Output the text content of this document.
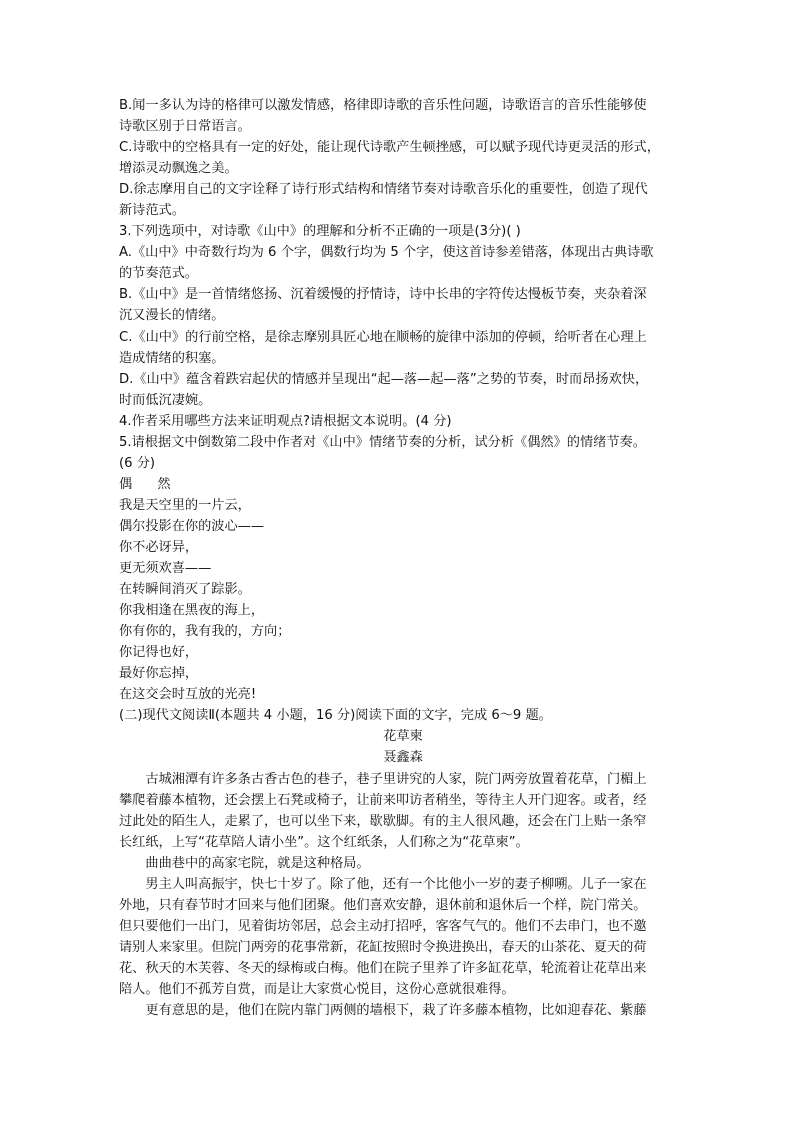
B.闻一多认为诗的格律可以激发情感，格律即诗歌的音乐性问题，诗歌语言的音乐性能够使

诗歌区别于日常语言。

C.诗歌中的空格具有一定的好处，能让现代诗歌产生顿挫感，可以赋予现代诗更灵活的形式，

增添灵动飘逸之美。

D.徐志摩用自己的文字诠释了诗行形式结构和情绪节奏对诗歌音乐化的重要性，创造了现代

新诗范式。

3.下列选项中，对诗歌《山中》的理解和分析不正确的一项是(3分)( )

A.《山中》中奇数行均为 6 个字，偶数行均为 5 个字，使这首诗参差错落，体现出古典诗歌

的节奏范式。

B.《山中》是一首情绪悠扬、沉着缓慢的抒情诗，诗中长串的字符传达慢板节奏，夹杂着深

沉又漫长的情绪。

C.《山中》的行前空格，是徐志摩别具匠心地在顺畅的旋律中添加的停顿，给听者在心理上

造成情绪的积塞。

D.《山中》蕴含着跌宕起伏的情感并呈现出“起—落—起—落”之势的节奏，时而昂扬欢快，

时而低沉凄婉。

4.作者采用哪些方法来证明观点?请根据文本说明。(4 分)

5.请根据文中倒数第二段中作者对《山中》情绪节奏的分析，试分析《偶然》的情绪节奏。

(6 分)

偶      然

我是天空里的一片云，

偶尔投影在你的波心——

你不必讶异，

更无须欢喜——

在转瞬间消灭了踪影。

你我相逢在黑夜的海上，

你有你的，我有我的，方向；

你记得也好，

最好你忘掉，

在这交会时互放的光亮!

(二)现代文阅读Ⅱ(本题共 4 小题，16 分)阅读下面的文字，完成 6～9 题。

花草柬

聂鑫森

古城湘潭有许多条古香古色的巷子，巷子里讲究的人家，院门两旁放置着花草，门楣上

攀爬着藤本植物，还会摆上石凳或椅子，让前来叩访者稍坐，等待主人开门迎客。或者，经

过此处的陌生人，走累了，也可以坐下来，歇歇脚。有的主人很风趣，还会在门上贴一条窄

长红纸，上写“花草陪人请小坐”。这个红纸条，人们称之为“花草柬”。

曲曲巷中的高家宅院，就是这种格局。

男主人叫高振宇，快七十岁了。除了他，还有一个比他小一岁的妻子柳嗍。儿子一家在

外地，只有春节时才回来与他们团聚。他们喜欢安静，退休前和退休后一个样，院门常关。

但只要他们一出门，见着街坊邻居，总会主动打招呼，客客气气的。他们不去串门，也不邀

请别人来家里。但院门两旁的花事常新，花缸按照时令换进换出，春天的山茶花、夏天的荷

花、秋天的木芙蓉、冬天的绿梅或白梅。他们在院子里养了许多缸花草，轮流着让花草出来

陪人。他们不孤芳自赏，而是让大家赏心悦目，这份心意就很难得。

更有意思的是，他们在院内靠门两侧的墙根下，栽了许多藤本植物，比如迎春花、紫藤
